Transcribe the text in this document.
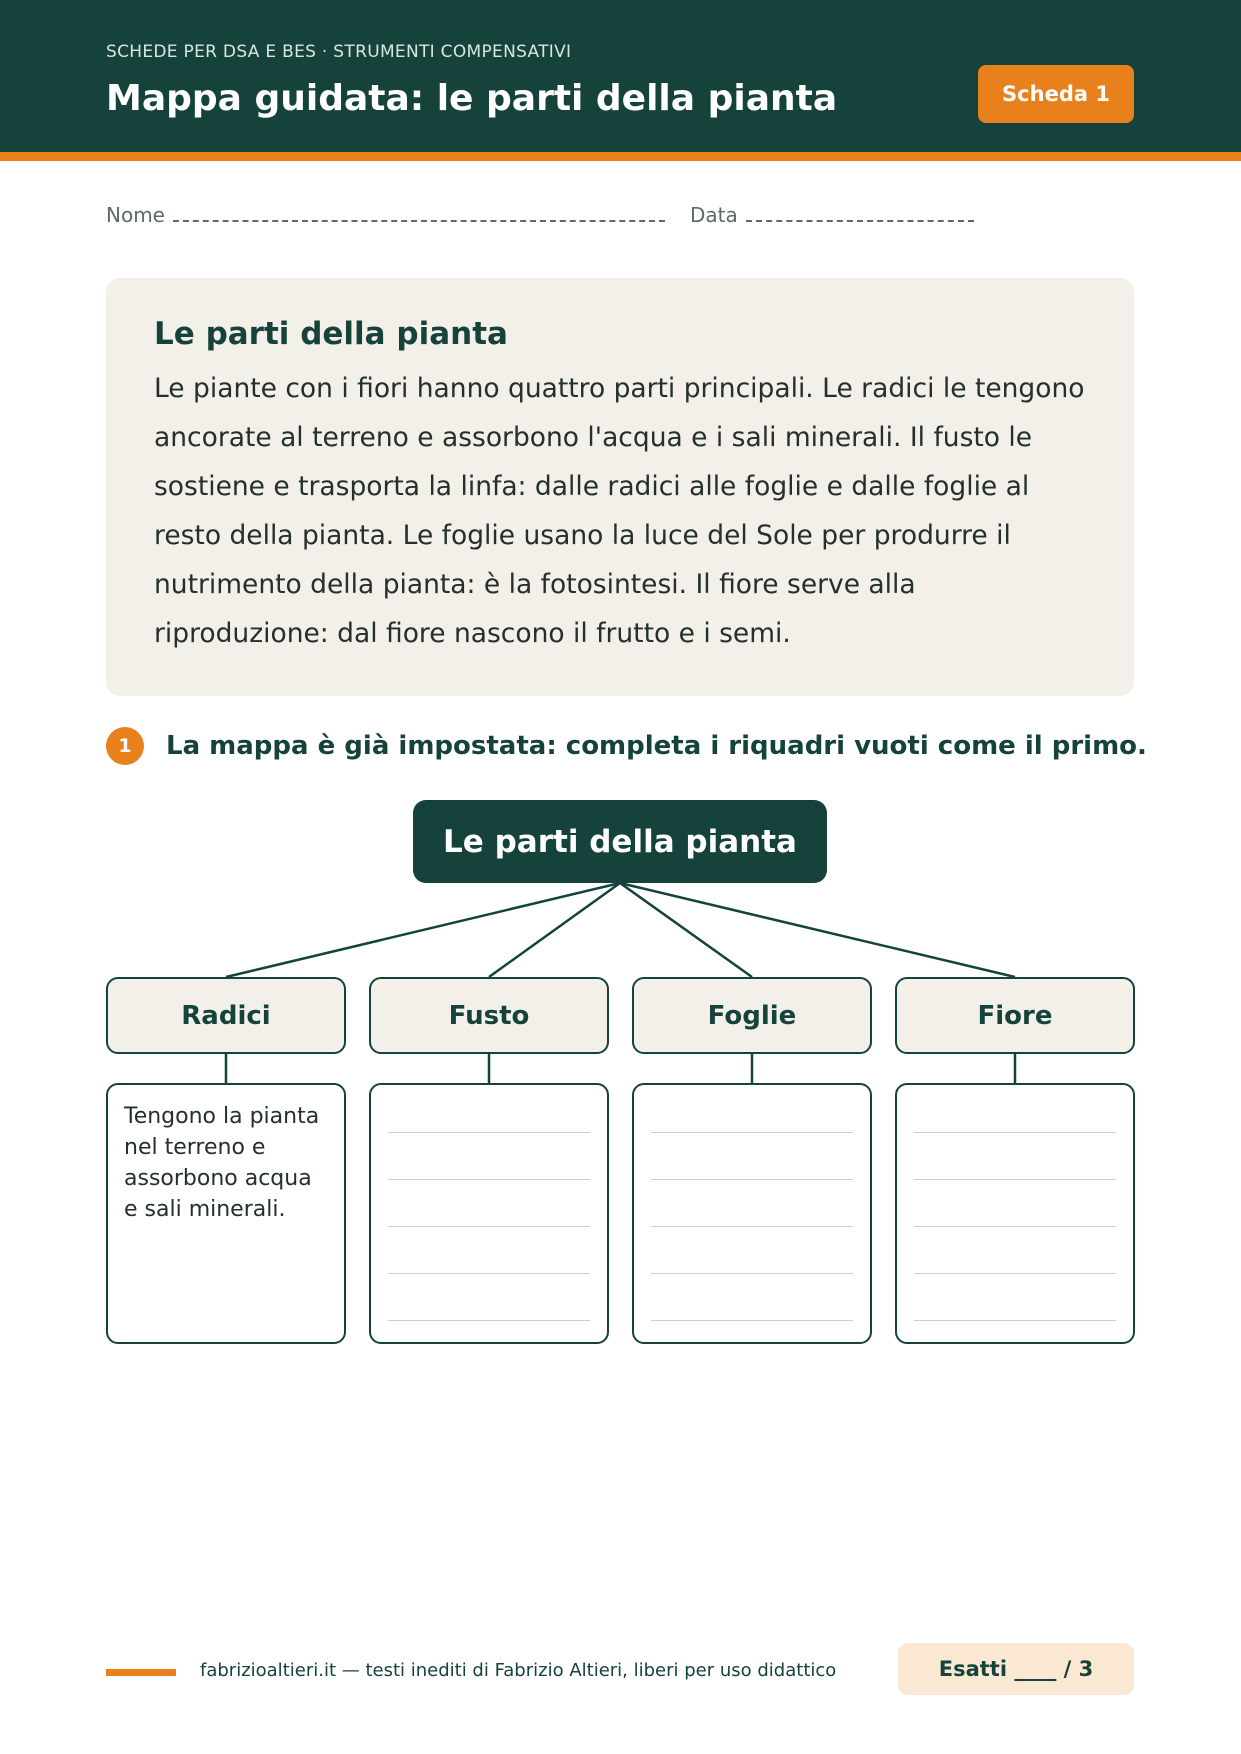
SCHEDE PER DSA E BES · STRUMENTI COMPENSATIVI
Mappa guidata: le parti della pianta	Scheda 1
Nome	Data
Le parti della pianta

Le piante con i fiori hanno quattro parti principali. Le radici le tengono ancorate al terreno e assorbono l'acqua e i sali minerali. Il fusto le sostiene e trasporta la linfa: dalle radici alle foglie e dalle foglie al resto della pianta. Le foglie usano la luce del Sole per produrre il nutrimento della pianta: è la fotosintesi. Il fiore serve alla riproduzione: dal fiore nascono il frutto e i semi.

1	La mappa è già impostata: completa i riquadri vuoti come il primo.
Le parti della pianta
Radici	Fusto	Foglie	Fiore
Tengono la pianta nel terreno e assorbono acqua e sali minerali.
fabrizioaltieri.it — testi inediti di Fabrizio Altieri, liberi per uso didattico	Esatti
____
/ 3
